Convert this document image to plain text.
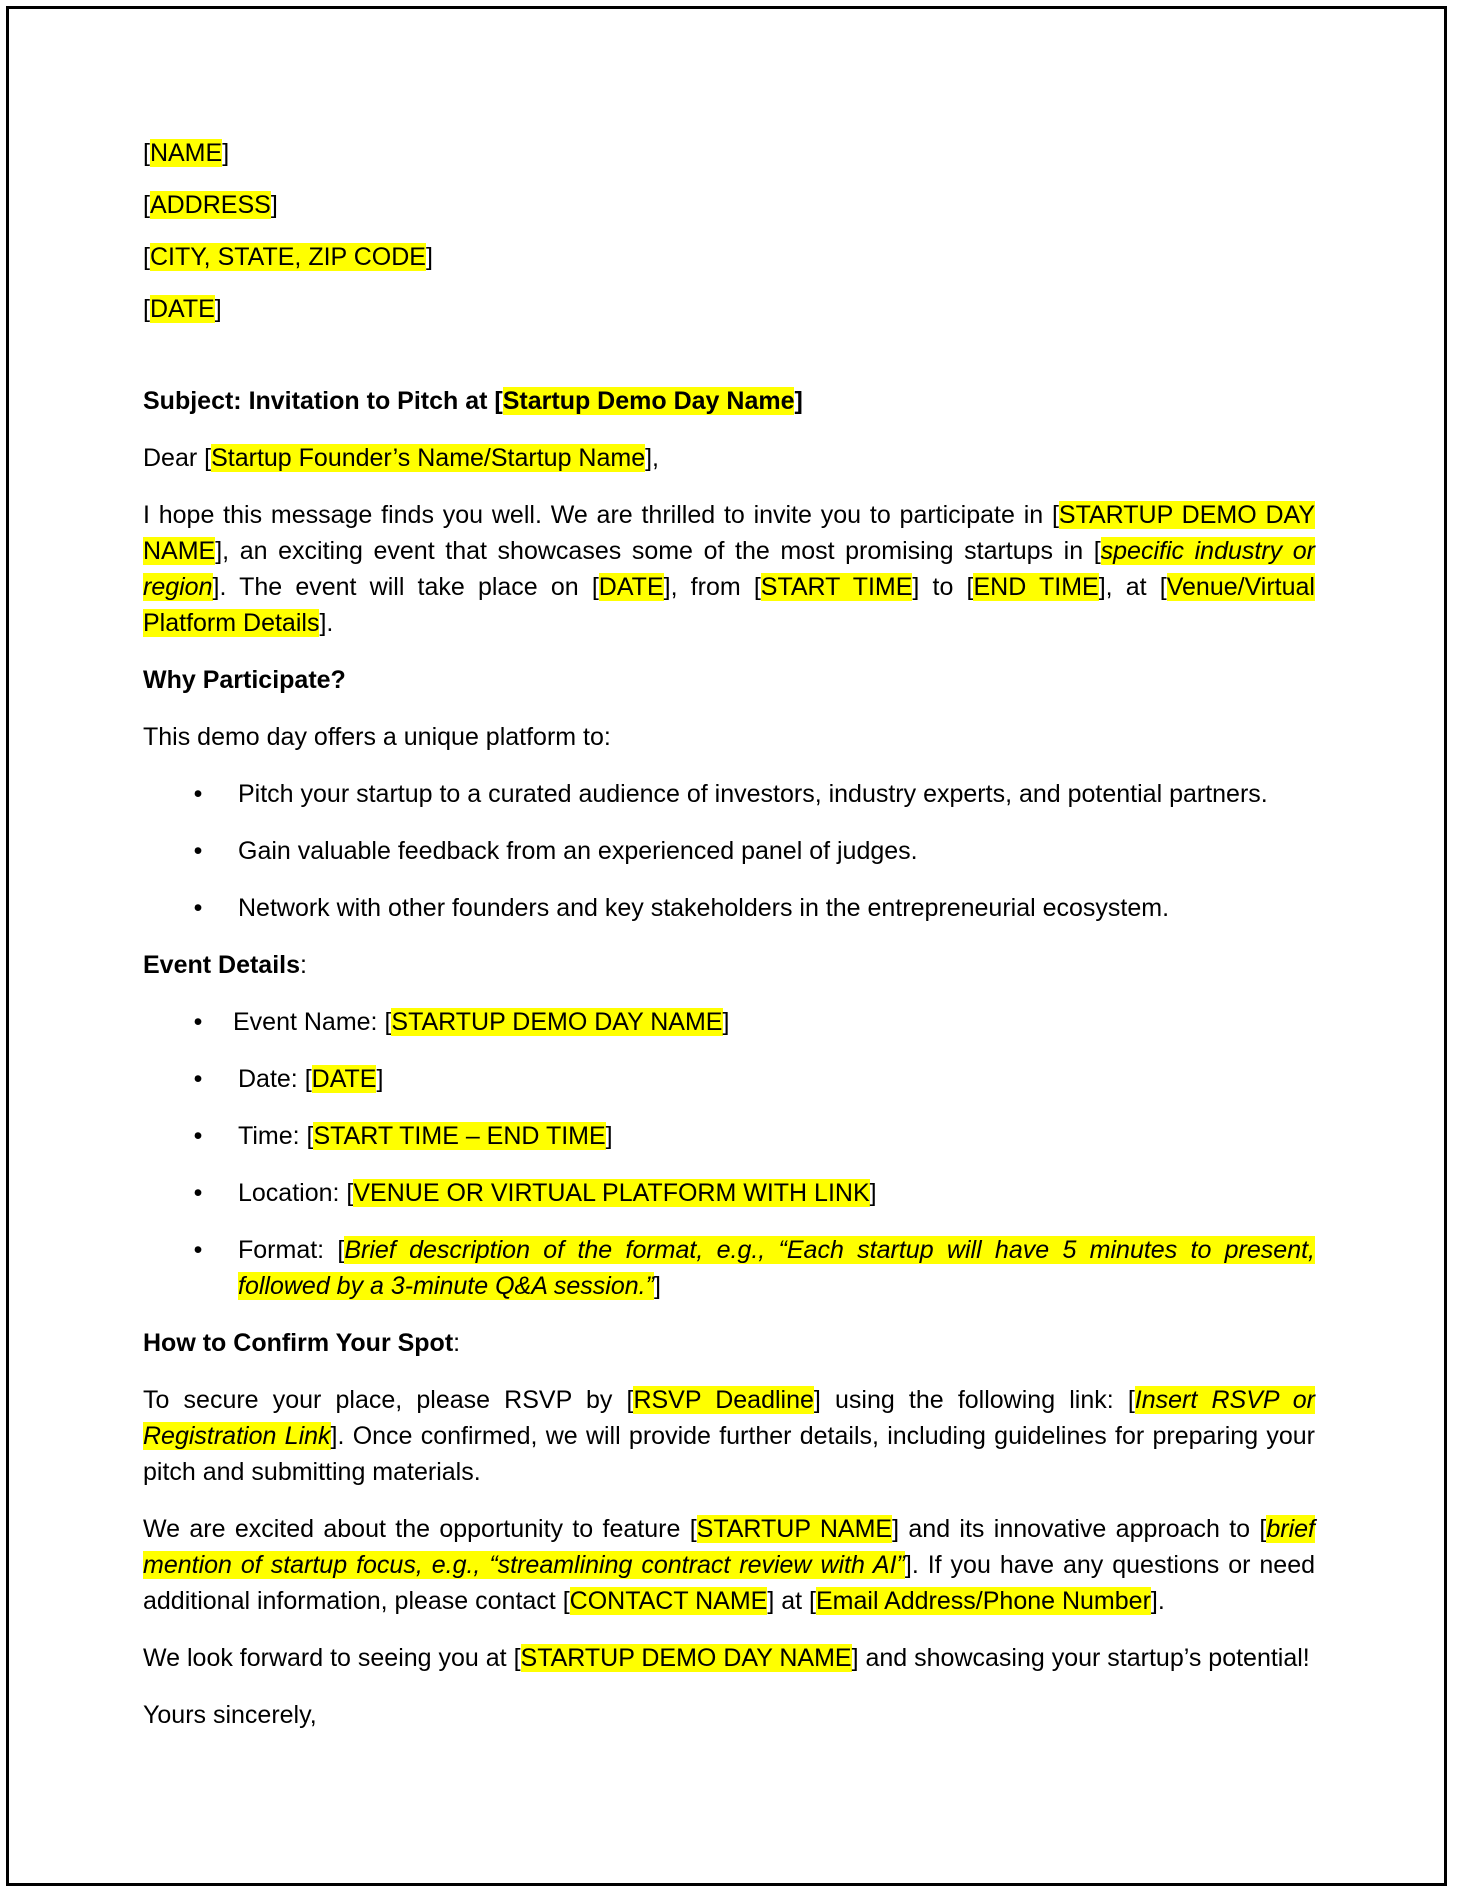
[NAME]
[ADDRESS]
[CITY, STATE, ZIP CODE]
[DATE]

Subject: Invitation to Pitch at [Startup Demo Day Name]

Dear [Startup Founder’s Name/Startup Name],

I hope this message finds you well. We are thrilled to invite you to participate in [STARTUP DEMO DAY NAME], an exciting event that showcases some of the most promising startups in [specific industry or region]. The event will take place on [DATE], from [START TIME] to [END TIME], at [Venue/Virtual Platform Details].

Why Participate?

This demo day offers a unique platform to:

• Pitch your startup to a curated audience of investors, industry experts, and potential partners.
• Gain valuable feedback from an experienced panel of judges.
• Network with other founders and key stakeholders in the entrepreneurial ecosystem.

Event Details:

• Event Name: [STARTUP DEMO DAY NAME]
• Date: [DATE]
• Time: [START TIME – END TIME]
• Location: [VENUE OR VIRTUAL PLATFORM WITH LINK]
• Format: [Brief description of the format, e.g., “Each startup will have 5 minutes to present, followed by a 3-minute Q&A session.”]

How to Confirm Your Spot:

To secure your place, please RSVP by [RSVP Deadline] using the following link: [Insert RSVP or Registration Link]. Once confirmed, we will provide further details, including guidelines for preparing your pitch and submitting materials.

We are excited about the opportunity to feature [STARTUP NAME] and its innovative approach to [brief mention of startup focus, e.g., “streamlining contract review with AI”]. If you have any questions or need additional information, please contact [CONTACT NAME] at [Email Address/Phone Number].

We look forward to seeing you at [STARTUP DEMO DAY NAME] and showcasing your startup’s potential!

Yours sincerely,
